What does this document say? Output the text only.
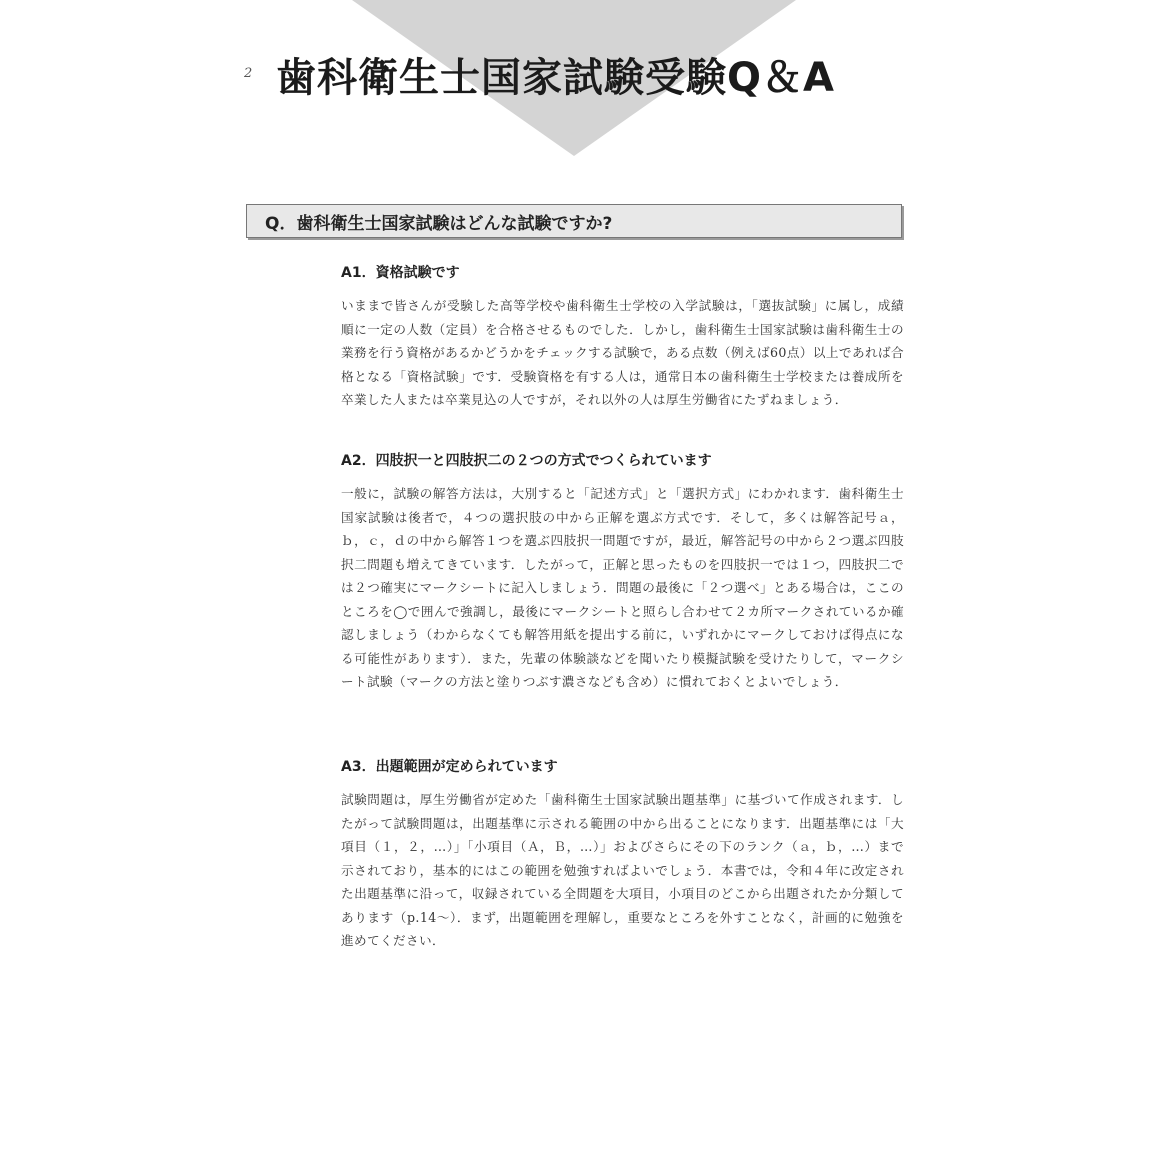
2 歯科衛生士国家試験受験Q＆A
Q．歯科衛生士国家試験はどんな試験ですか?
A1．資格試験です

いままで皆さんが受験した高等学校や歯科衛生士学校の入学試験は，「選抜試験」に属し，成績順に一定の人数（定員）を合格させるものでした．しかし，歯科衛生士国家試験は歯科衛生士の業務を行う資格があるかどうかをチェックする試験で，ある点数（例えば60点）以上であれば合格となる「資格試験」です．受験資格を有する人は，通常日本の歯科衛生士学校または養成所を卒業した人または卒業見込の人ですが，それ以外の人は厚生労働省にたずねましょう．

A2．四肢択一と四肢択二の２つの方式でつくられています

一般に，試験の解答方法は，大別すると「記述方式」と「選択方式」にわかれます．歯科衛生士国家試験は後者で，４つの選択肢の中から正解を選ぶ方式です．そして，多くは解答記号ａ，ｂ，ｃ，ｄの中から解答１つを選ぶ四肢択一問題ですが，最近，解答記号の中から２つ選ぶ四肢択二問題も増えてきています．したがって，正解と思ったものを四肢択一では１つ，四肢択二では２つ確実にマークシートに記入しましょう．問題の最後に「２つ選べ」とある場合は，ここのところを◯で囲んで強調し，最後にマークシートと照らし合わせて２カ所マークされているか確認しましょう（わからなくても解答用紙を提出する前に，いずれかにマークしておけば得点になる可能性があります）．また，先輩の体験談などを聞いたり模擬試験を受けたりして，マークシート試験（マークの方法と塗りつぶす濃さなども含め）に慣れておくとよいでしょう．

A3．出題範囲が定められています

試験問題は，厚生労働省が定めた「歯科衛生士国家試験出題基準」に基づいて作成されます．したがって試験問題は，出題基準に示される範囲の中から出ることになります．出題基準には「大項目（１，２，…）」「小項目（Ａ，Ｂ，…）」およびさらにその下のランク（ａ，ｂ，…）まで示されており，基本的にはこの範囲を勉強すればよいでしょう．本書では，令和４年に改定された出題基準に沿って，収録されている全問題を大項目，小項目のどこから出題されたか分類してあります（p.14〜）．まず，出題範囲を理解し，重要なところを外すことなく，計画的に勉強を進めてください．
